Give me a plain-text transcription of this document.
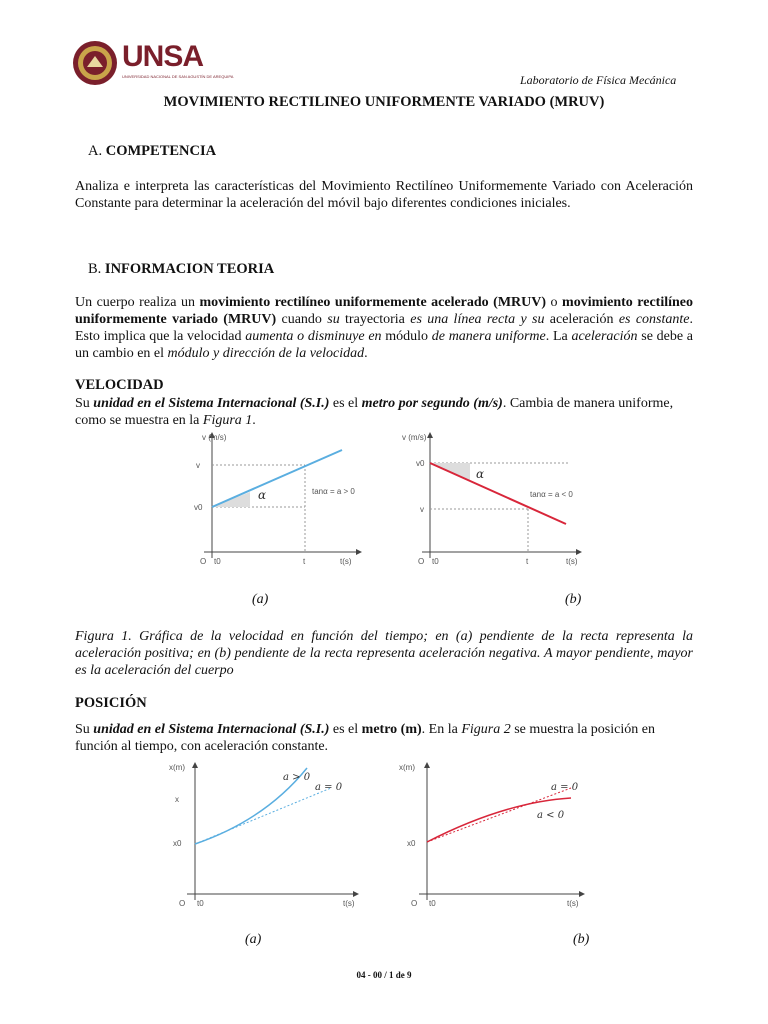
UNSA
UNIVERSIDAD NACIONAL DE SAN AGUSTÍN DE AREQUIPA	Laboratorio de Física Mecánica
MOVIMIENTO RECTILINEO UNIFORMENTE VARIADO (MRUV)
A. COMPETENCIA
Analiza e interpreta las características del Movimiento Rectilíneo Uniformemente Variado con Aceleración Constante para determinar la aceleración del móvil bajo diferentes condiciones iniciales.
B. INFORMACION TEORIA
Un cuerpo realiza un movimiento rectilíneo uniformemente acelerado (MRUV) o movimiento rectilíneo uniformemente variado (MRUV) cuando su trayectoria es una línea recta y su aceleración es constante. Esto implica que la velocidad aumenta o disminuye en módulo de manera uniforme. La aceleración se debe a un cambio en el módulo y dirección de la velocidad.
VELOCIDAD
Su unidad en el Sistema Internacional (S.I.) es el metro por segundo (m/s). Cambia de manera uniforme, como se muestra en la Figura 1.
v (m/s)
v
v0
O t0	t	t(s)
α	tanα = a > 0
v (m/s)
v0
v
O t0	t	t(s)
α
tanα = a < 0
(a)	(b)
Figura 1. Gráfica de la velocidad en función del tiempo; en (a) pendiente de la recta representa la aceleración positiva; en (b) pendiente de la recta representa aceleración negativa. A mayor pendiente, mayor es la aceleración del cuerpo
POSICIÓN
Su unidad en el Sistema Internacional (S.I.) es el metro (m). En la Figura 2 se muestra la posición en función al tiempo, con aceleración constante.
x(m)
x
x0
O t0	t(s)
a > 0
a = 0
x(m)
x0
O t0	t(s)
a < 0
a = 0
(a)	(b)
04 - 00 / 1 de 9
